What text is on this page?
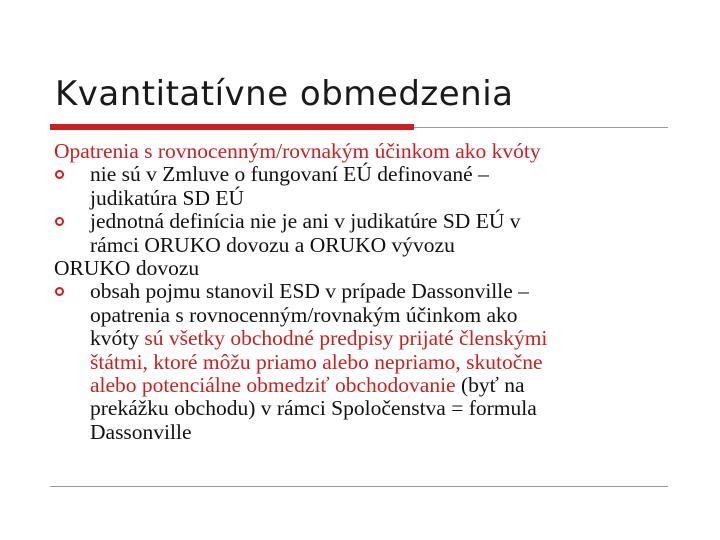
Kvantitatívne obmedzenia
Opatrenia s rovnocenným/rovnakým účinkom ako kvóty
nie sú v Zmluve o fungovaní EÚ definované –
judikatúra SD EÚ
jednotná definícia nie je ani v judikatúre SD EÚ v
rámci ORUKO dovozu a ORUKO vývozu
ORUKO dovozu
obsah pojmu stanovil ESD v prípade Dassonville –
opatrenia s rovnocenným/rovnakým účinkom ako
kvóty sú všetky obchodné predpisy prijaté členskými
štátmi, ktoré môžu priamo alebo nepriamo, skutočne
alebo potenciálne obmedziť obchodovanie (byť na
prekážku obchodu) v rámci Spoločenstva = formula
Dassonville
